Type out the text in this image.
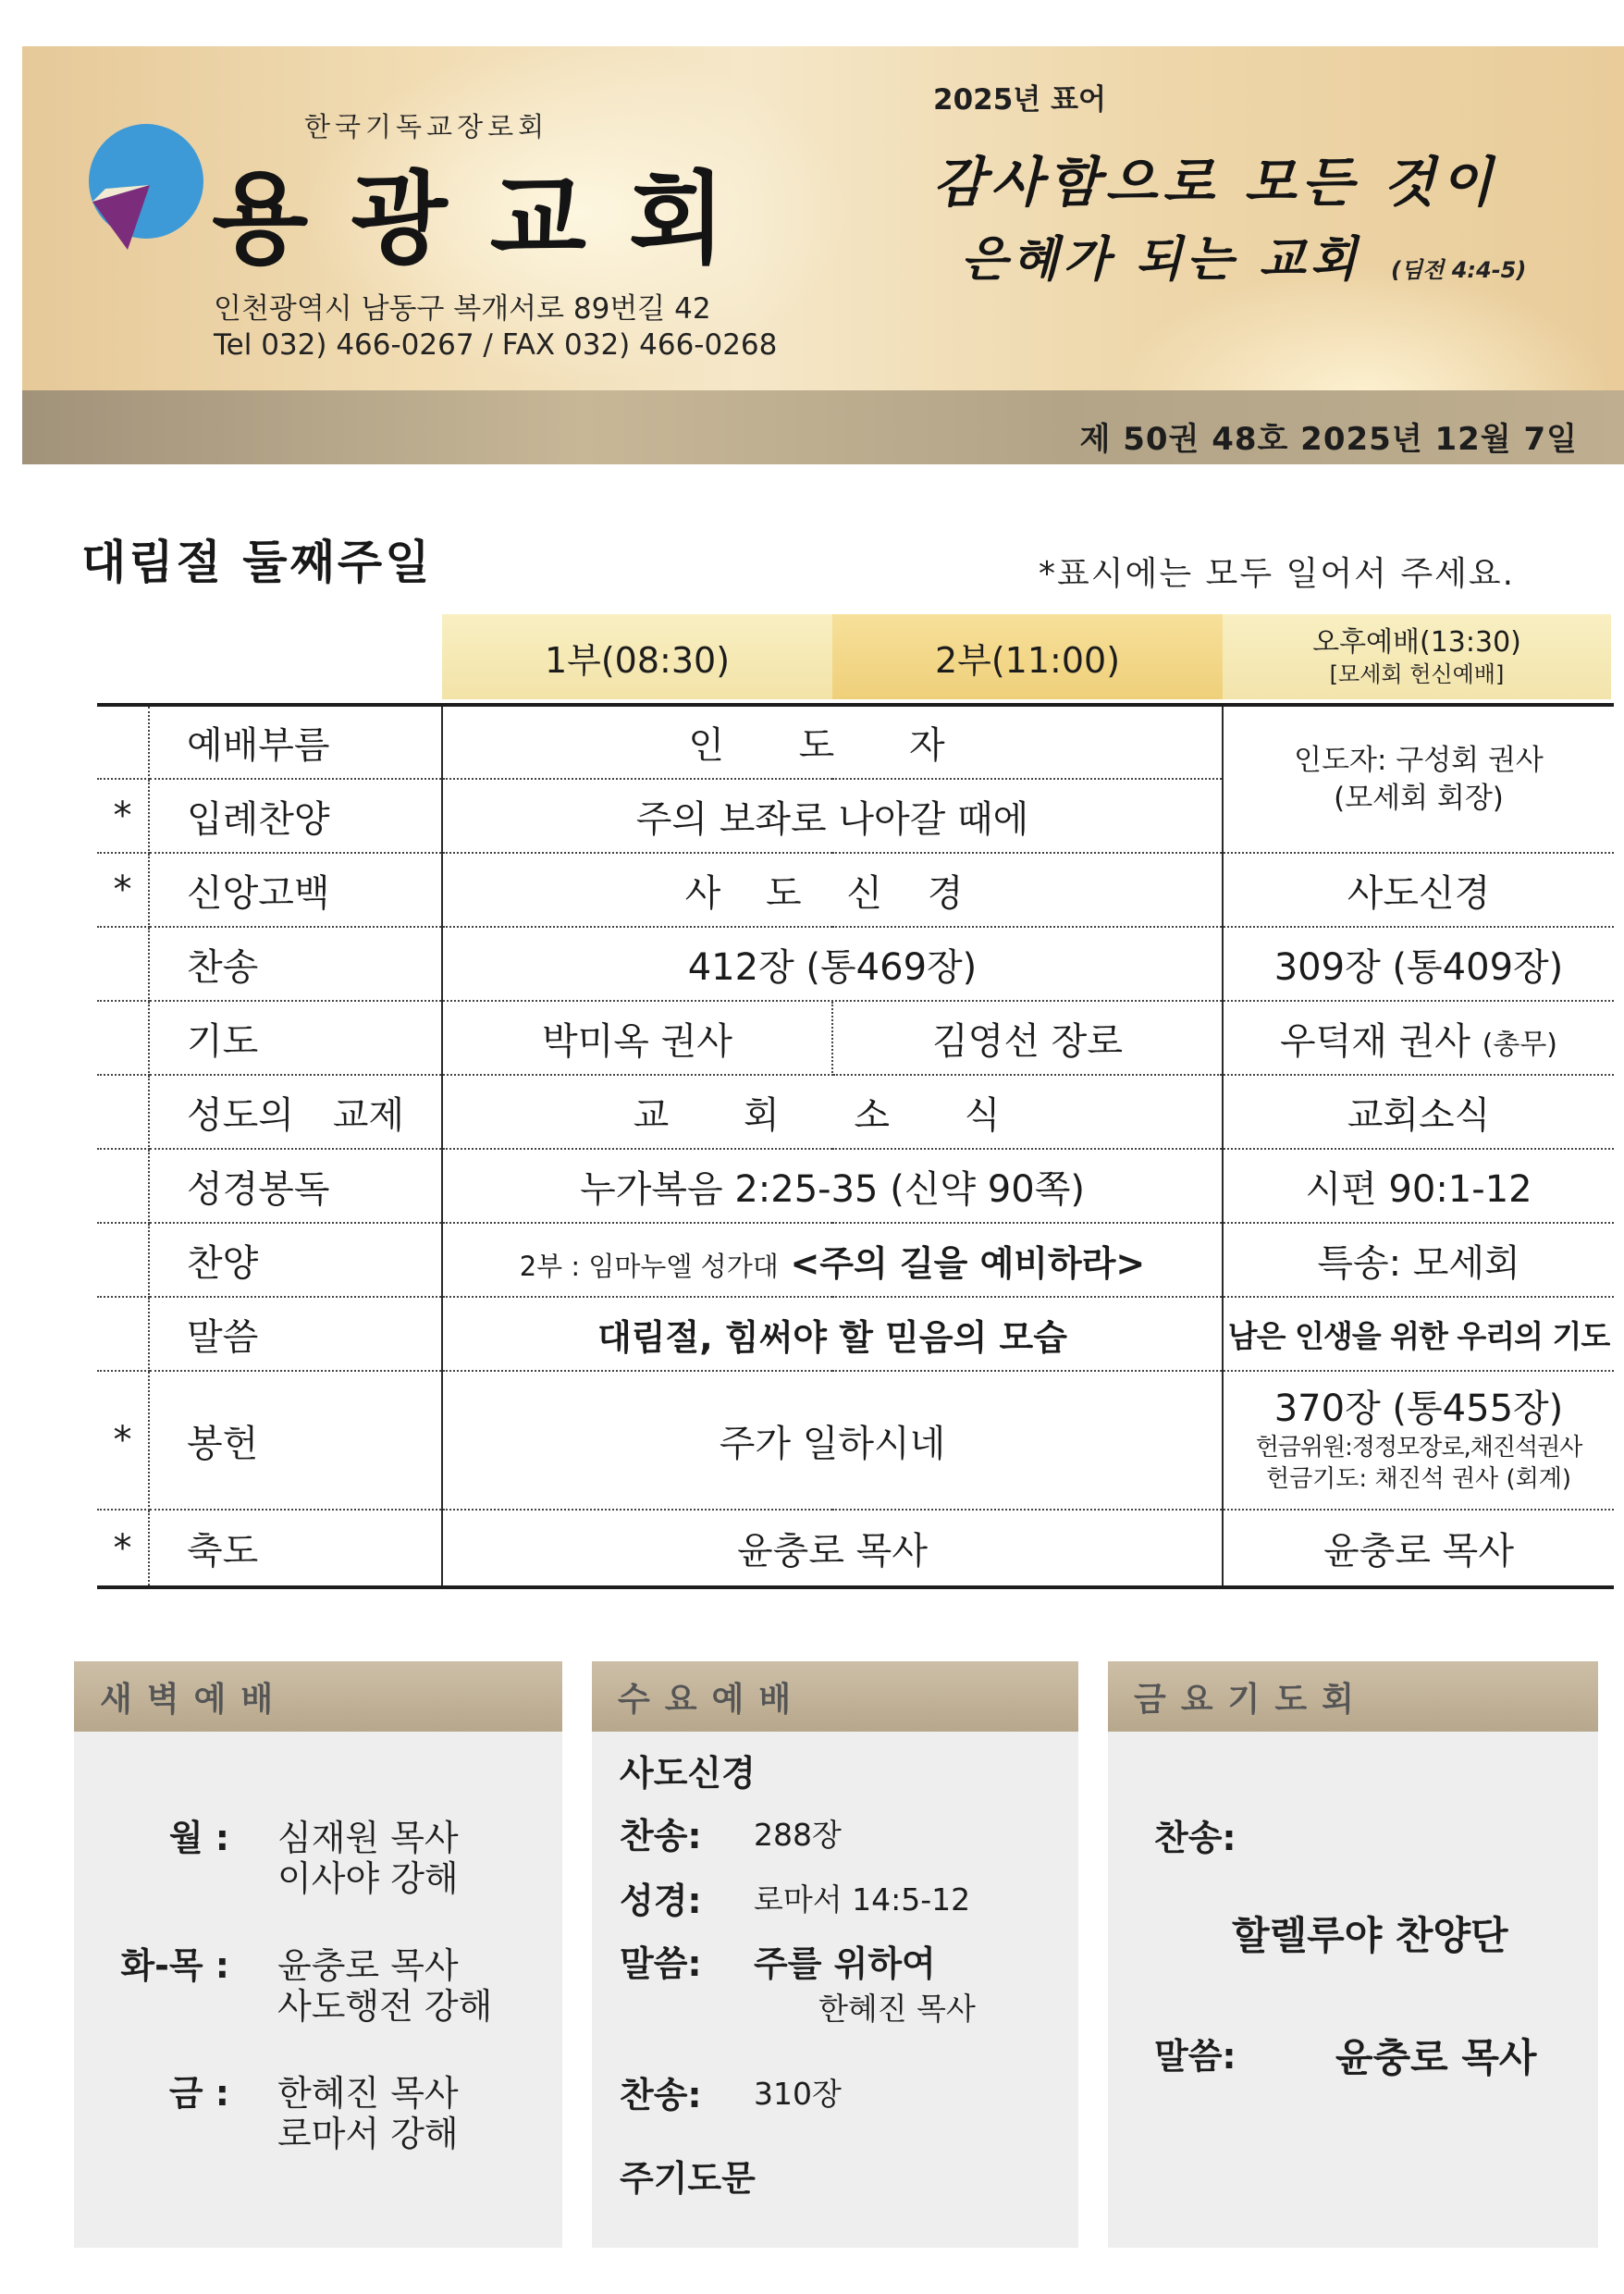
한국기독교장로회
용광교회
인천광역시 남동구 복개서로 89번길 42
Tel 032) 466-0267 / FAX 032) 466-0268
2025년 표어
감사함으로 모든 것이
은혜가 되는 교회 (딤전 4:4-5)
제 50권 48호 2025년 12월 7일
대림절 둘째주일	*표시에는 모두 일어서 주세요.
1부(08:30)	2부(11:00)	오후예배(13:30)
[모세회 헌신예배]

	예배부름	인 도 자		인도자: 구성회 권사
(모세회 회장)

*	입례찬양	주의 보좌로 나아갈 때에		
*	신앙고백	사 도 신 경		사도신경

	찬송	412장 (통469장)		309장 (통409장)

	기도	박미옥 권사	김영선 장로	우덕재 권사 (총무)

	성도의 교제	교 회 소 식		교회소식

	성경봉독	누가복음 2:25-35 (신약 90쪽)		시편 90:1-12

	찬양	2부 : 임마누엘 성가대 <주의 길을 예비하라>		특송: 모세회

	말씀	대림절, 힘써야 할 믿음의 모습		남은 인생을 위한 우리의 기도
*	봉헌	주가 일하시네		370장 (통455장)
헌금위원:정정모장로,채진석권사
헌금기도: 채진석 권사 (회계)

*	축도	윤충로 목사		윤충로 목사
새벽예배
월 : 심재원 목사
이사야 강해
화-목 : 윤충로 목사
사도행전 강해
금 : 한혜진 목사
로마서 강해
수요예배
사도신경
찬송: 288장
성경: 로마서 14:5-12
말씀: 주를 위하여
한혜진 목사
찬송: 310장
주기도문
금요기도회
찬송:
할렐루야 찬양단
말씀:	윤충로 목사
